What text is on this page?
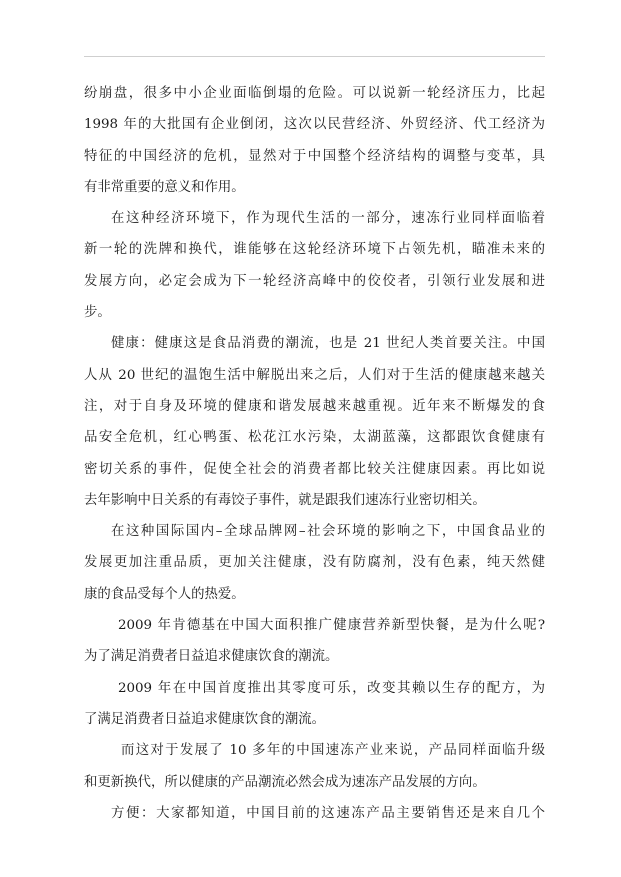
纷崩盘，很多中小企业面临倒塌的危险。可以说新一轮经济压力，比起
1998 年的大批国有企业倒闭，这次以民营经济、外贸经济、代工经济为
特征的中国经济的危机，显然对于中国整个经济结构的调整与变革，具
有非常重要的意义和作用。
在这种经济环境下，作为现代生活的一部分，速冻行业同样面临着
新一轮的洗牌和换代，谁能够在这轮经济环境下占领先机，瞄准未来的
发展方向，必定会成为下一轮经济高峰中的佼佼者，引领行业发展和进
步。
健康：健康这是食品消费的潮流，也是 21 世纪人类首要关注。中国
人从 20 世纪的温饱生活中解脱出来之后，人们对于生活的健康越来越关
注，对于自身及环境的健康和谐发展越来越重视。近年来不断爆发的食
品安全危机，红心鸭蛋、松花江水污染，太湖蓝藻，这都跟饮食健康有
密切关系的事件，促使全社会的消费者都比较关注健康因素。再比如说
去年影响中日关系的有毒饺子事件，就是跟我们速冻行业密切相关。
在这种国际国内–全球品牌网–社会环境的影响之下，中国食品业的
发展更加注重品质，更加关注健康，没有防腐剂，没有色素，纯天然健
康的食品受每个人的热爱。
2009 年肯德基在中国大面积推广健康营养新型快餐，是为什么呢?
为了满足消费者日益追求健康饮食的潮流。
2009 年在中国首度推出其零度可乐，改变其赖以生存的配方，为
了满足消费者日益追求健康饮食的潮流。
而这对于发展了 10 多年的中国速冻产业来说，产品同样面临升级
和更新换代，所以健康的产品潮流必然会成为速冻产品发展的方向。
方便：大家都知道，中国目前的这速冻产品主要销售还是来自几个
